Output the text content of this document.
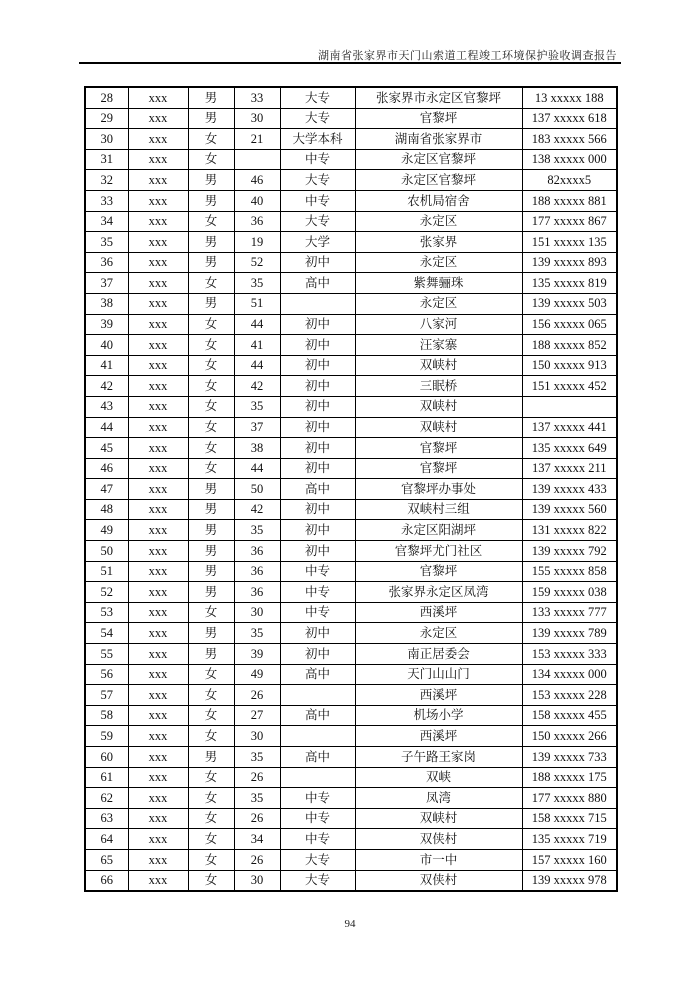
湖南省张家界市天门山索道工程竣工环境保护验收调查报告
28	xxx	男	33	大专	张家界市永定区官黎坪	13 xxxxx 188
29	xxx	男	30	大专	官黎坪	137 xxxxx 618
30	xxx	女	21	大学本科	湖南省张家界市	183 xxxxx 566
31	xxx	女		中专	永定区官黎坪	138 xxxxx 000
32	xxx	男	46	大专	永定区官黎坪	82xxxx5
33	xxx	男	40	中专	农机局宿舍	188 xxxxx 881
34	xxx	女	36	大专	永定区	177 xxxxx 867
35	xxx	男	19	大学	张家界	151 xxxxx 135
36	xxx	男	52	初中	永定区	139 xxxxx 893
37	xxx	女	35	高中	紫舞骊珠	135 xxxxx 819
38	xxx	男	51		永定区	139 xxxxx 503
39	xxx	女	44	初中	八家河	156 xxxxx 065
40	xxx	女	41	初中	汪家寨	188 xxxxx 852
41	xxx	女	44	初中	双峡村	150 xxxxx 913
42	xxx	女	42	初中	三眠桥	151 xxxxx 452
43	xxx	女	35	初中	双峡村	
44	xxx	女	37	初中	双峡村	137 xxxxx 441
45	xxx	女	38	初中	官黎坪	135 xxxxx 649
46	xxx	女	44	初中	官黎坪	137 xxxxx 211
47	xxx	男	50	高中	官黎坪办事处	139 xxxxx 433
48	xxx	男	42	初中	双峡村三组	139 xxxxx 560
49	xxx	男	35	初中	永定区阳湖坪	131 xxxxx 822
50	xxx	男	36	初中	官黎坪尤门社区	139 xxxxx 792
51	xxx	男	36	中专	官黎坪	155 xxxxx 858
52	xxx	男	36	中专	张家界永定区凤湾	159 xxxxx 038
53	xxx	女	30	中专	西溪坪	133 xxxxx 777
54	xxx	男	35	初中	永定区	139 xxxxx 789
55	xxx	男	39	初中	南正居委会	153 xxxxx 333
56	xxx	女	49	高中	天门山山门	134 xxxxx 000
57	xxx	女	26		西溪坪	153 xxxxx 228
58	xxx	女	27	高中	机场小学	158 xxxxx 455
59	xxx	女	30		西溪坪	150 xxxxx 266
60	xxx	男	35	高中	子午路王家岗	139 xxxxx 733
61	xxx	女	26		双峡	188 xxxxx 175
62	xxx	女	35	中专	凤湾	177 xxxxx 880
63	xxx	女	26	中专	双峡村	158 xxxxx 715
64	xxx	女	34	中专	双侠村	135 xxxxx 719
65	xxx	女	26	大专	市一中	157 xxxxx 160
66	xxx	女	30	大专	双侠村	139 xxxxx 978
94
